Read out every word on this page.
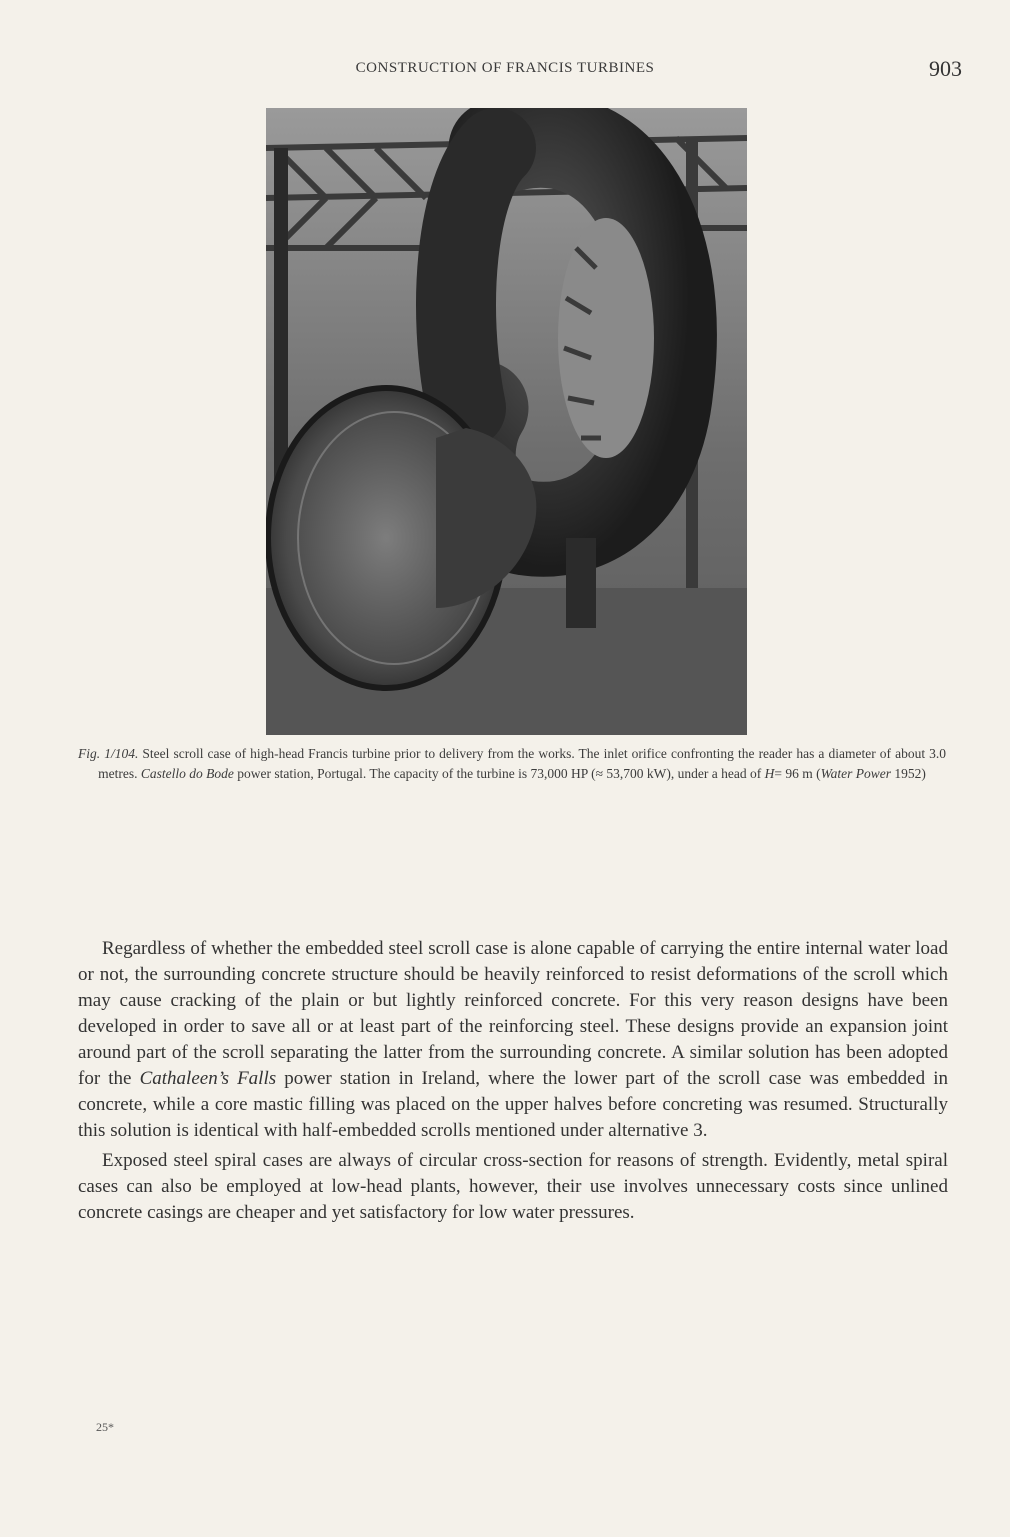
CONSTRUCTION OF FRANCIS TURBINES	903
Fig. 1/104. Steel scroll case of high-head Francis turbine prior to delivery from the works. The inlet orifice confronting the reader has a diameter of about 3.0 metres. Castello do Bode power station, Portugal. The capacity of the turbine is 73,000 HP (≈ 53,700 kW), under a head of H= 96 m (Water Power 1952)

Regardless of whether the embedded steel scroll case is alone capable of carrying the entire internal water load or not, the surrounding concrete structure should be heavily reinforced to resist deformations of the scroll which may cause cracking of the plain or but lightly reinforced concrete. For this very reason designs have been developed in order to save all or at least part of the reinforcing steel. These designs provide an expansion joint around part of the scroll separating the latter from the surrounding concrete. A similar solution has been adopted for the Cathaleen’s Falls power station in Ireland, where the lower part of the scroll case was embedded in concrete, while a core mastic filling was placed on the upper halves before concreting was resumed. Structurally this solution is identical with half-embedded scrolls mentioned under alternative 3.

Exposed steel spiral cases are always of circular cross-section for reasons of strength. Evidently, metal spiral cases can also be employed at low-head plants, however, their use involves unnecessary costs since unlined concrete casings are cheaper and yet satisfactory for low water pressures.

25*
